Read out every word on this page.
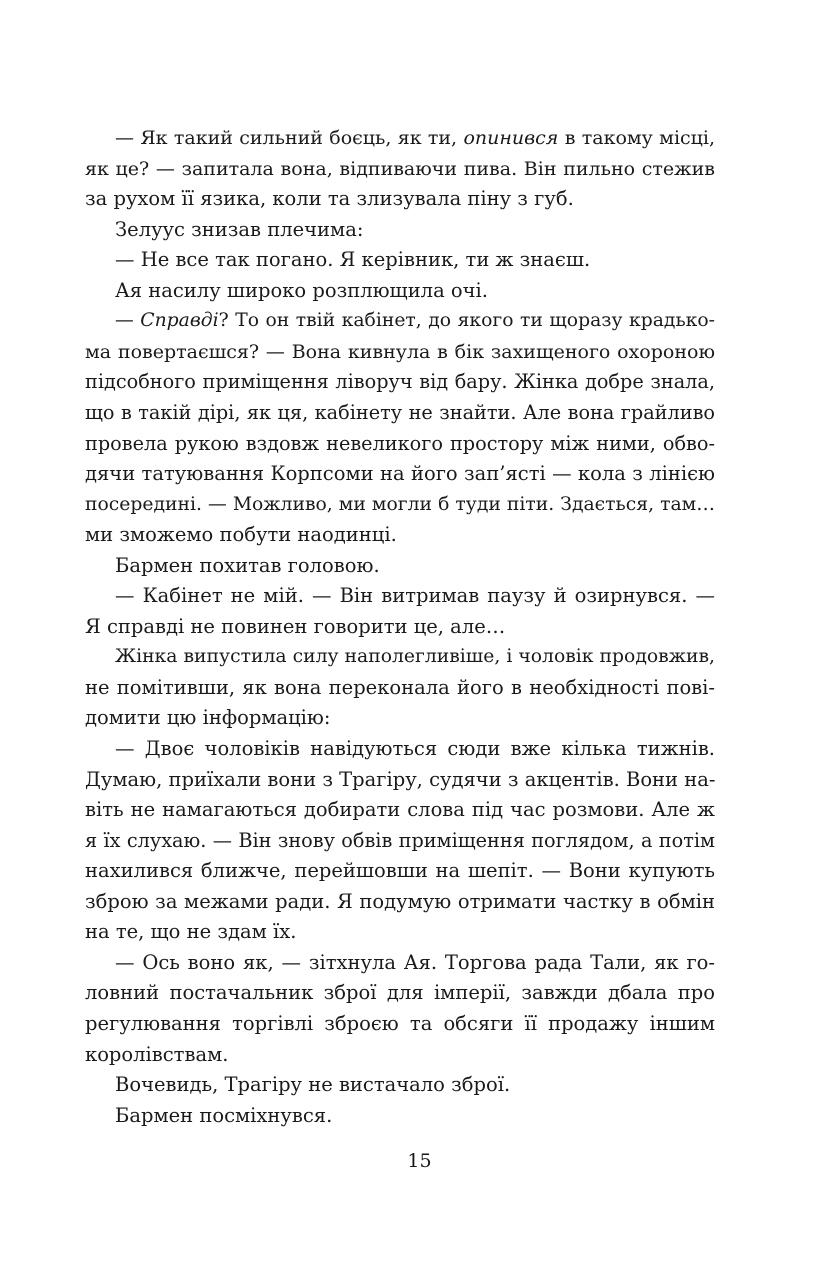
— Як такий сильний боєць, як ти, опинився в такому місці,
як це? — запитала вона, відпиваючи пива. Він пильно стежив
за рухом її язика, коли та злизувала піну з губ.
Зелуус знизав плечима:
— Не все так погано. Я керівник, ти ж знаєш.
Ая насилу широко розплющила очі.
— Справді? То он твій кабінет, до якого ти щоразу крадько-
ма повертаєшся? — Вона кивнула в бік захищеного охороною
підсобного приміщення ліворуч від бару. Жінка добре знала,
що в такій дірі, як ця, кабінету не знайти. Але вона грайливо
провела рукою вздовж невеликого простору між ними, обво-
дячи татуювання Корпсоми на його зап’ясті — кола з лінією
посередині. — Можливо, ми могли б туди піти. Здається, там…
ми зможемо побути наодинці.
Бармен похитав головою.
— Кабінет не мій. — Він витримав паузу й озирнувся. —
Я справді не повинен говорити це, але…
Жінка випустила силу наполегливіше, і чоловік продовжив,
не помітивши, як вона переконала його в необхідності пові-
домити цю інформацію:
— Двоє чоловіків навідуються сюди вже кілька тижнів.
Думаю, приїхали вони з Трагіру, судячи з акцентів. Вони на-
віть не намагаються добирати слова під час розмови. Але ж
я їх слухаю. — Він знову обвів приміщення поглядом, а потім
нахилився ближче, перейшовши на шепіт. — Вони купують
зброю за межами ради. Я подумую отримати частку в обмін
на те, що не здам їх.
— Ось воно як, — зітхнула Ая. Торгова рада Тали, як го-
ловний постачальник зброї для імперії, завжди дбала про
регулювання торгівлі зброєю та обсяги її продажу іншим
королівствам.
Вочевидь, Трагіру не вистачало зброї.
Бармен посміхнувся.
15
